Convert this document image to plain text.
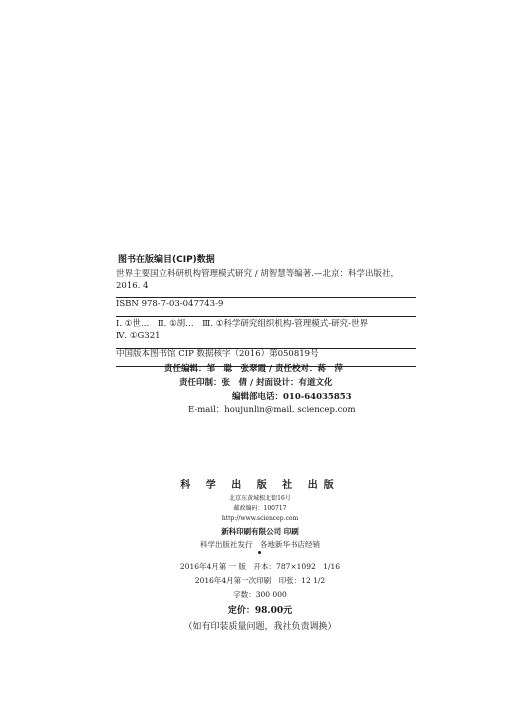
图书在版编目(CIP)数据
世界主要国立科研机构管理模式研究 / 胡智慧等编著.—北京：科学出版社，2016. 4
ISBN 978-7-03-047743-9
Ⅰ. ①世…　Ⅱ. ①胡…　Ⅲ. ①科学研究组织机构-管理模式-研究-世界
Ⅳ. ①G321
中国版本图书馆 CIP 数据核字（2016）第050819号
责任编辑：邹　聪　张翠霞 / 责任校对：蒋　萍
责任印制：张　倩 / 封面设计：有道文化
编辑部电话：010-64035853
E-mail：houjunlin@mail. sciencep.com
科 学 出 版 社 出版
北京东黄城根北街16号
邮政编码：100717
http://www.sciencep.com
新科印刷有限公司 印刷
科学出版社发行　各地新华书店经销
2016年4月第 一 版　开本：787×1092　1/16
2016年4月第一次印刷　印张：12 1/2
字数：300 000
定价：98.00元
（如有印装质量问题，我社负责调换）
